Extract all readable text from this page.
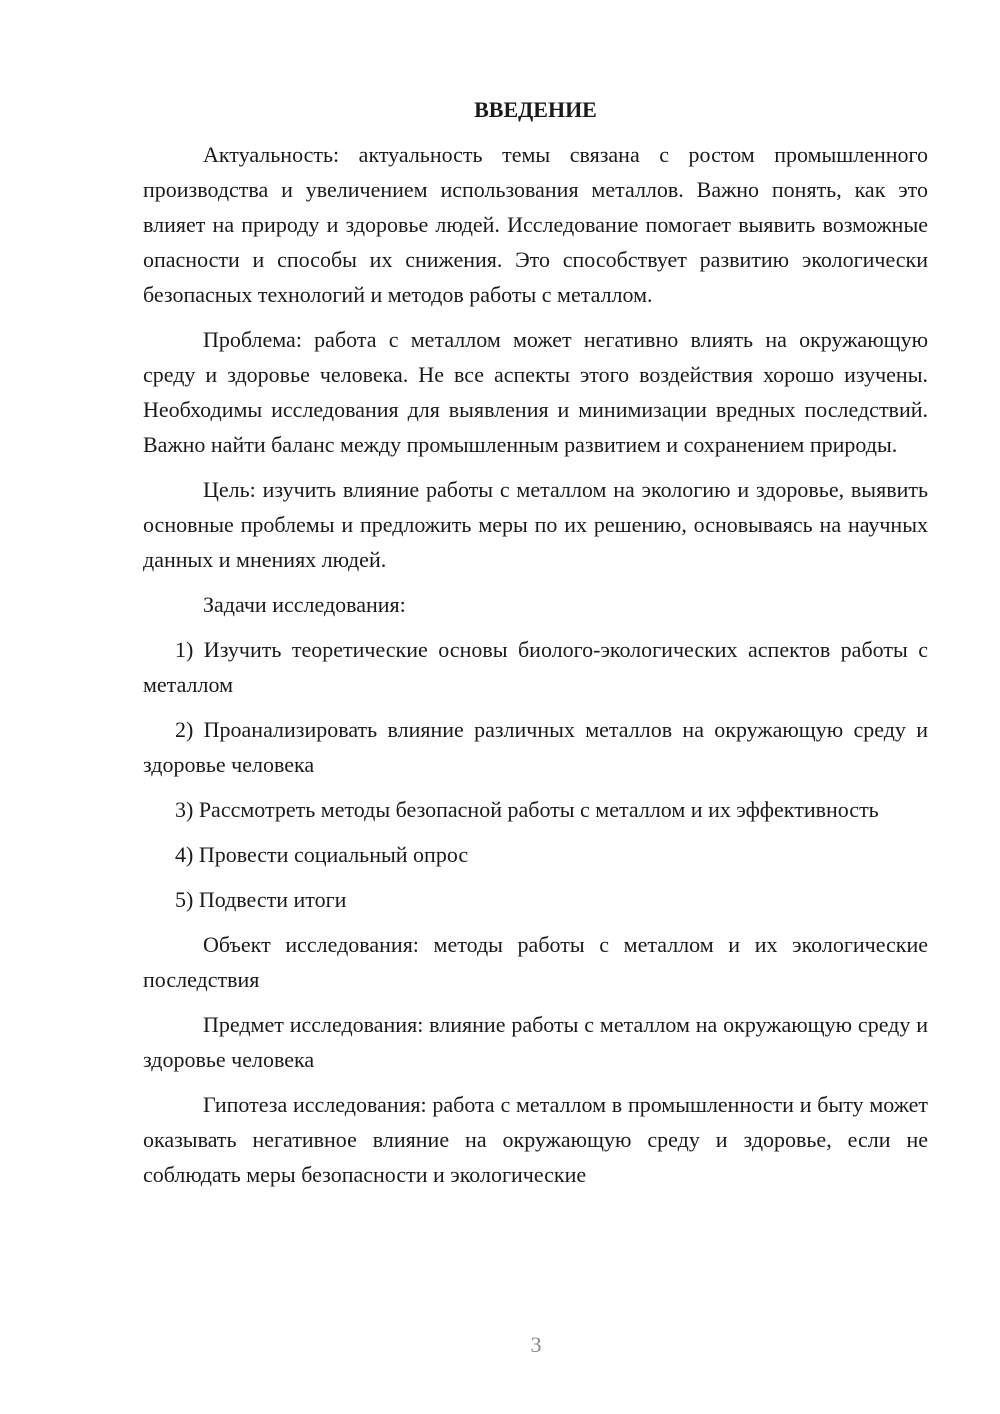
ВВЕДЕНИЕ
Актуальность: актуальность темы связана с ростом промышленного производства и увеличением использования металлов. Важно понять, как это влияет на природу и здоровье людей. Исследование помогает выявить возможные опасности и способы их снижения. Это способствует развитию экологически безопасных технологий и методов работы с металлом.
Проблема: работа с металлом может негативно влиять на окружающую среду и здоровье человека. Не все аспекты этого воздействия хорошо изучены. Необходимы исследования для выявления и минимизации вредных последствий. Важно найти баланс между промышленным развитием и сохранением природы.
Цель: изучить влияние работы с металлом на экологию и здоровье, выявить основные проблемы и предложить меры по их решению, основываясь на научных данных и мнениях людей.
Задачи исследования:
1) Изучить теоретические основы биолого-экологических аспектов работы с металлом
2) Проанализировать влияние различных металлов на окружающую среду и здоровье человека
3) Рассмотреть методы безопасной работы с металлом и их эффективность
4) Провести социальный опрос
5) Подвести итоги
Объект исследования: методы работы с металлом и их экологические последствия
Предмет исследования: влияние работы с металлом на окружающую среду и здоровье человека
Гипотеза исследования: работа с металлом в промышленности и быту может оказывать негативное влияние на окружающую среду и здоровье, если не соблюдать меры безопасности и экологические
3
